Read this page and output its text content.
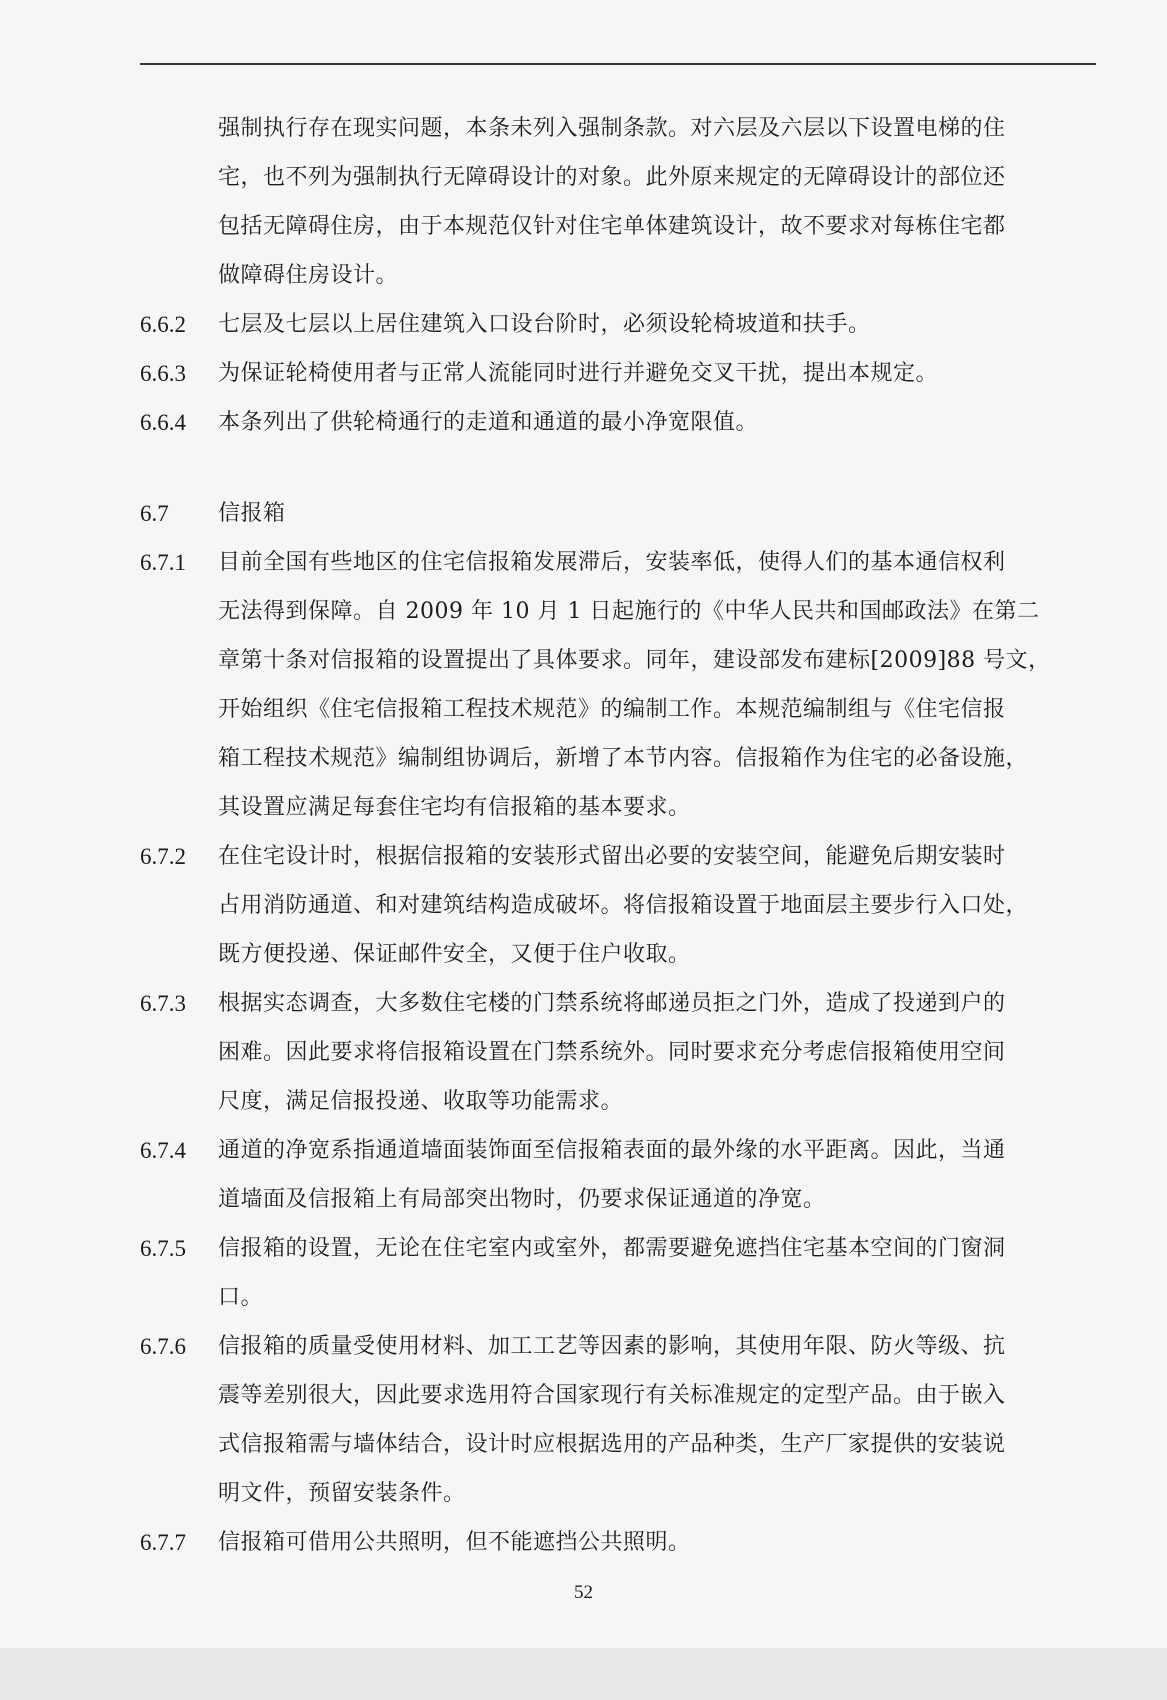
强制执行存在现实问题，本条未列入强制条款。对六层及六层以下设置电梯的住
宅，也不列为强制执行无障碍设计的对象。此外原来规定的无障碍设计的部位还
包括无障碍住房，由于本规范仅针对住宅单体建筑设计，故不要求对每栋住宅都
做障碍住房设计。
6.6.2	七层及七层以上居住建筑入口设台阶时，必须设轮椅坡道和扶手。
6.6.3	为保证轮椅使用者与正常人流能同时进行并避免交叉干扰，提出本规定。
6.6.4	本条列出了供轮椅通行的走道和通道的最小净宽限值。
6.7	信报箱
6.7.1	目前全国有些地区的住宅信报箱发展滞后，安装率低，使得人们的基本通信权利
无法得到保障。自 2009 年 10 月 1 日起施行的《中华人民共和国邮政法》在第二
章第十条对信报箱的设置提出了具体要求。同年，建设部发布建标[2009]88 号文，
开始组织《住宅信报箱工程技术规范》的编制工作。本规范编制组与《住宅信报
箱工程技术规范》编制组协调后，新增了本节内容。信报箱作为住宅的必备设施，
其设置应满足每套住宅均有信报箱的基本要求。
6.7.2	在住宅设计时，根据信报箱的安装形式留出必要的安装空间，能避免后期安装时
占用消防通道、和对建筑结构造成破坏。将信报箱设置于地面层主要步行入口处，
既方便投递、保证邮件安全，又便于住户收取。
6.7.3	根据实态调查，大多数住宅楼的门禁系统将邮递员拒之门外，造成了投递到户的
困难。因此要求将信报箱设置在门禁系统外。同时要求充分考虑信报箱使用空间
尺度，满足信报投递、收取等功能需求。
6.7.4	通道的净宽系指通道墙面装饰面至信报箱表面的最外缘的水平距离。因此，当通
道墙面及信报箱上有局部突出物时，仍要求保证通道的净宽。
6.7.5	信报箱的设置，无论在住宅室内或室外，都需要避免遮挡住宅基本空间的门窗洞
口。
6.7.6	信报箱的质量受使用材料、加工工艺等因素的影响，其使用年限、防火等级、抗
震等差别很大，因此要求选用符合国家现行有关标准规定的定型产品。由于嵌入
式信报箱需与墙体结合，设计时应根据选用的产品种类，生产厂家提供的安装说
明文件，预留安装条件。
6.7.7	信报箱可借用公共照明，但不能遮挡公共照明。
52
